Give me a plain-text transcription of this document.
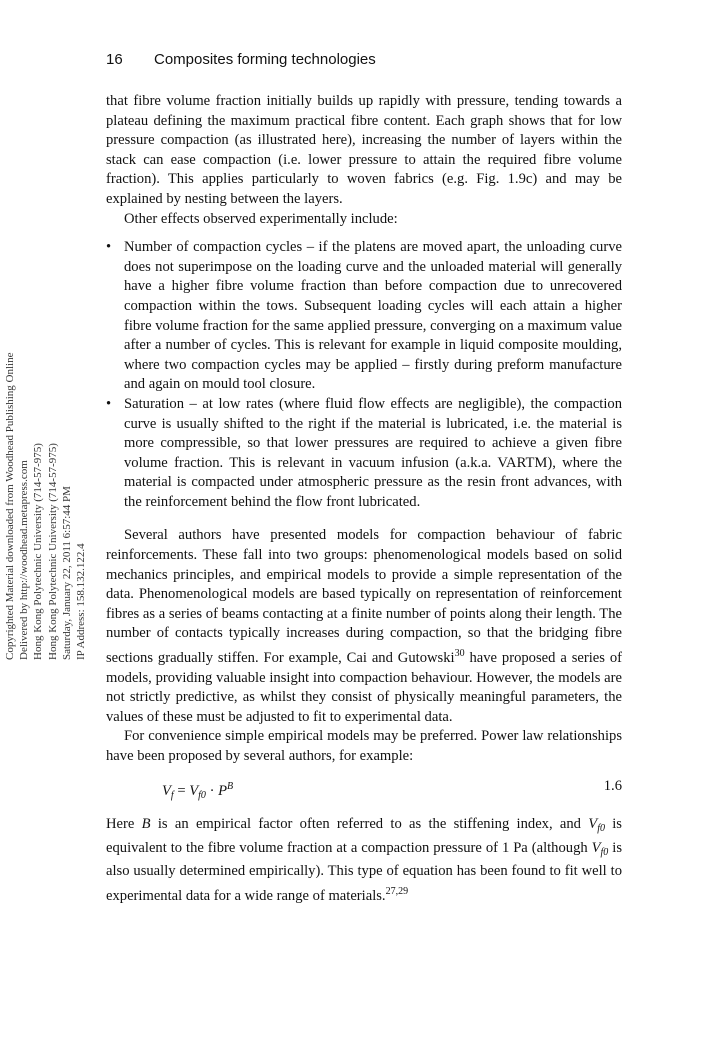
16 Composites forming technologies
Copyrighted Material downloaded from Woodhead Publishing Online Delivered by http://woodhead.metapress.com Hong Kong Polytechnic University (714-57-975) Hong Kong Polytechnic University (714-57-975) Saturday, January 22, 2011 6:57:44 PM IP Address: 158.132.122.4

that fibre volume fraction initially builds up rapidly with pressure, tending towards a plateau defining the maximum practical fibre content. Each graph shows that for low pressure compaction (as illustrated here), increasing the number of layers within the stack can ease compaction (i.e. lower pressure to attain the required fibre volume fraction). This applies particularly to woven fabrics (e.g. Fig. 1.9c) and may be explained by nesting between the layers.

Other effects observed experimentally include:

• Number of compaction cycles – if the platens are moved apart, the unloading curve does not superimpose on the loading curve and the unloaded material will generally have a higher fibre volume fraction than before compaction due to unrecovered compaction within the tows. Subsequent loading cycles will each attain a higher fibre volume fraction for the same applied pressure, converging on a maximum value after a number of cycles. This is relevant for example in liquid composite moulding, where two compaction cycles may be applied – firstly during preform manufacture and again on mould tool closure.
• Saturation – at low rates (where fluid flow effects are negligible), the compaction curve is usually shifted to the right if the material is lubricated, i.e. the material is more compressible, so that lower pressures are required to achieve a given fibre volume fraction. This is relevant in vacuum infusion (a.k.a. VARTM), where the material is compacted under atmospheric pressure as the resin front advances, with the reinforcement behind the flow front lubricated.

Several authors have presented models for compaction behaviour of fabric reinforcements. These fall into two groups: phenomenological models based on solid mechanics principles, and empirical models to provide a simple representation of the data. Phenomenological models are based typically on representation of reinforcement fibres as a series of beams contacting at a finite number of points along their length. The number of contacts typically increases during compaction, so that the bridging fibre sections gradually stiffen. For example, Cai and Gutowski$^{30}$ have proposed a series of models, providing valuable insight into compaction behaviour. However, the models are not strictly predictive, as whilst they consist of physically meaningful parameters, the values of these must be adjusted to fit to experimental data.

For convenience simple empirical models may be preferred. Power law relationships have been proposed by several authors, for example:

$V_f = V_{f0} \cdot P^B$	1.6

Here B is an empirical factor often referred to as the stiffening index, and $V_{f0}$ is equivalent to the fibre volume fraction at a compaction pressure of 1 Pa (although $V_{f0}$ is also usually determined empirically). This type of equation has been found to fit well to experimental data for a wide range of materials.$^{27,29}$
